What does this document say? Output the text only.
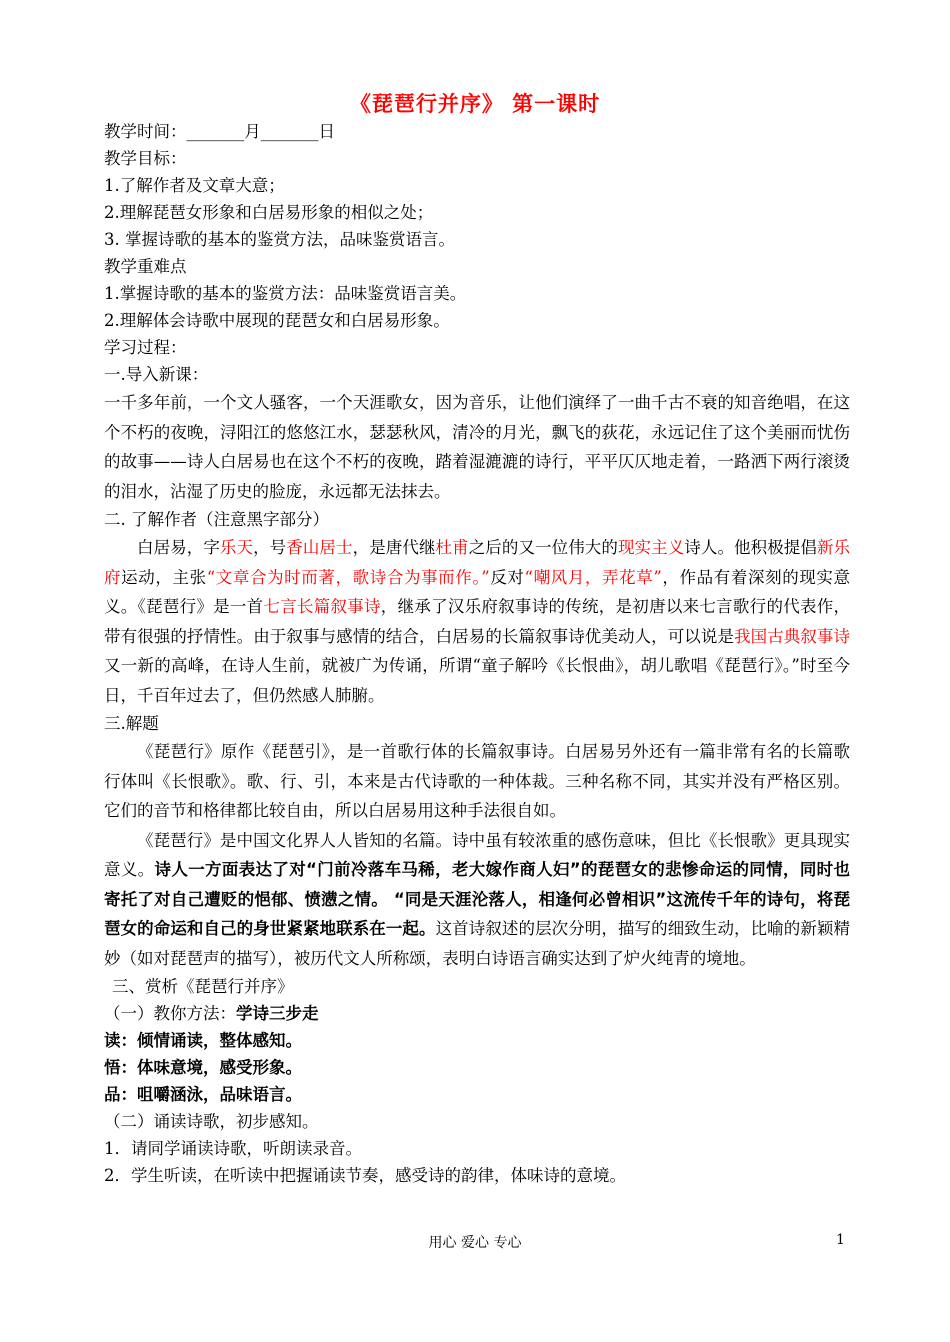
《琵琶行并序》 第一课时
教学时间：_______月_______日
教学目标：
1.了解作者及文章大意；
2.理解琵琶女形象和白居易形象的相似之处；
3. 掌握诗歌的基本的鉴赏方法，品味鉴赏语言。
教学重难点
1.掌握诗歌的基本的鉴赏方法：品味鉴赏语言美。
2.理解体会诗歌中展现的琵琶女和白居易形象。
学习过程：
一.导入新课：
一千多年前，一个文人骚客，一个天涯歌女，因为音乐，让他们演绎了一曲千古不衰的知音绝唱，在这个不朽的夜晚，浔阳江的悠悠江水，瑟瑟秋风，清冷的月光，飘飞的荻花，永远记住了这个美丽而忧伤的故事——诗人白居易也在这个不朽的夜晚，踏着湿漉漉的诗行，平平仄仄地走着，一路洒下两行滚烫的泪水，沾湿了历史的脸庞，永远都无法抹去。
二. 了解作者（注意黑字部分）
白居易，字乐天，号香山居士，是唐代继杜甫之后的又一位伟大的现实主义诗人。他积极提倡新乐府运动，主张“文章合为时而著，歌诗合为事而作。”反对“嘲风月，弄花草”，作品有着深刻的现实意义。《琵琶行》是一首七言长篇叙事诗，继承了汉乐府叙事诗的传统，是初唐以来七言歌行的代表作，带有很强的抒情性。由于叙事与感情的结合，白居易的长篇叙事诗优美动人，可以说是我国古典叙事诗又一新的高峰，在诗人生前，就被广为传诵，所谓“童子解吟《长恨曲》，胡儿歌唱《琵琶行》。”时至今日，千百年过去了，但仍然感人肺腑。
三.解题
《琵琶行》原作《琵琶引》，是一首歌行体的长篇叙事诗。白居易另外还有一篇非常有名的长篇歌行体叫《长恨歌》。歌、行、引，本来是古代诗歌的一种体裁。三种名称不同，其实并没有严格区别。它们的音节和格律都比较自由，所以白居易用这种手法很自如。
《琵琶行》是中国文化界人人皆知的名篇。诗中虽有较浓重的感伤意味，但比《长恨歌》更具现实意义。诗人一方面表达了对“门前冷落车马稀，老大嫁作商人妇”的琵琶女的悲惨命运的同情，同时也寄托了对自己遭贬的悒郁、愤懑之情。 “同是天涯沦落人，相逢何必曾相识”这流传千年的诗句，将琵琶女的命运和自己的身世紧紧地联系在一起。这首诗叙述的层次分明，描写的细致生动，比喻的新颖精妙（如对琵琶声的描写），被历代文人所称颂，表明白诗语言确实达到了炉火纯青的境地。
三、赏析《琵琶行并序》
（一）教你方法：学诗三步走
读：倾情诵读，整体感知。
悟：体味意境，感受形象。
品：咀嚼涵泳，品味语言。
（二）诵读诗歌，初步感知。
1．请同学诵读诗歌，听朗读录音。
2．学生听读，在听读中把握诵读节奏，感受诗的韵律，体味诗的意境。
用心 爱心 专心	1
